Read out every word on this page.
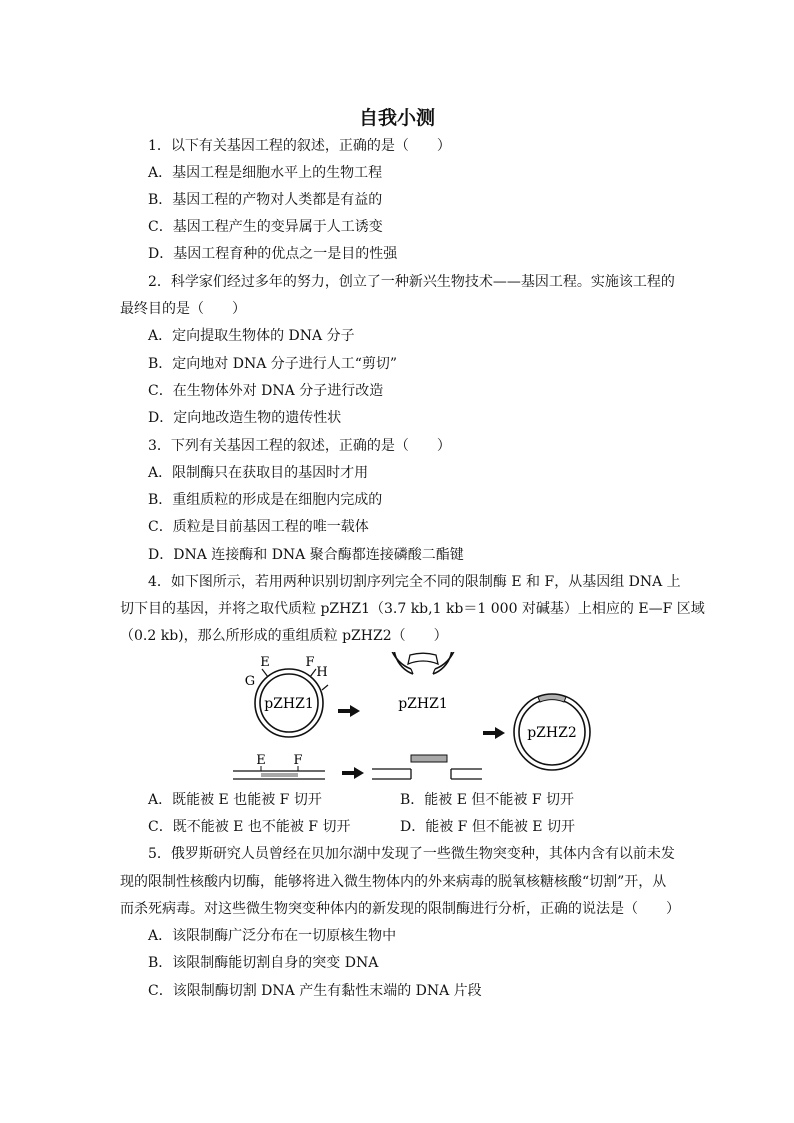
自我小测
1．以下有关基因工程的叙述，正确的是（　　）
A．基因工程是细胞水平上的生物工程
B．基因工程的产物对人类都是有益的
C．基因工程产生的变异属于人工诱变
D．基因工程育种的优点之一是目的性强
2．科学家们经过多年的努力，创立了一种新兴生物技术——基因工程。实施该工程的
最终目的是（　　）
A．定向提取生物体的 DNA 分子
B．定向地对 DNA 分子进行人工“剪切”
C．在生物体外对 DNA 分子进行改造
D．定向地改造生物的遗传性状
3．下列有关基因工程的叙述，正确的是（　　）
A．限制酶只在获取目的基因时才用
B．重组质粒的形成是在细胞内完成的
C．质粒是目前基因工程的唯一载体
D．DNA 连接酶和 DNA 聚合酶都连接磷酸二酯键
4．如下图所示，若用两种识别切割序列完全不同的限制酶 E 和 F，从基因组 DNA 上
切下目的基因，并将之取代质粒 pZHZ1（3.7 kb,1 kb＝1 000 对碱基）上相应的 E—F 区域
（0.2 kb)，那么所形成的重组质粒 pZHZ2（　　）
pZHZ1
E	F
H
G
pZHZ1
pZHZ2
E F
A．既能被 E 也能被 F 切开	B．能被 E 但不能被 F 切开
C．既不能被 E 也不能被 F 切开	D．能被 F 但不能被 E 切开
5．俄罗斯研究人员曾经在贝加尔湖中发现了一些微生物突变种，其体内含有以前未发
现的限制性核酸内切酶，能够将进入微生物体内的外来病毒的脱氧核糖核酸“切割”开，从
而杀死病毒。对这些微生物突变种体内的新发现的限制酶进行分析，正确的说法是（　　）
A．该限制酶广泛分布在一切原核生物中
B．该限制酶能切割自身的突变 DNA
C．该限制酶切割 DNA 产生有黏性末端的 DNA 片段
